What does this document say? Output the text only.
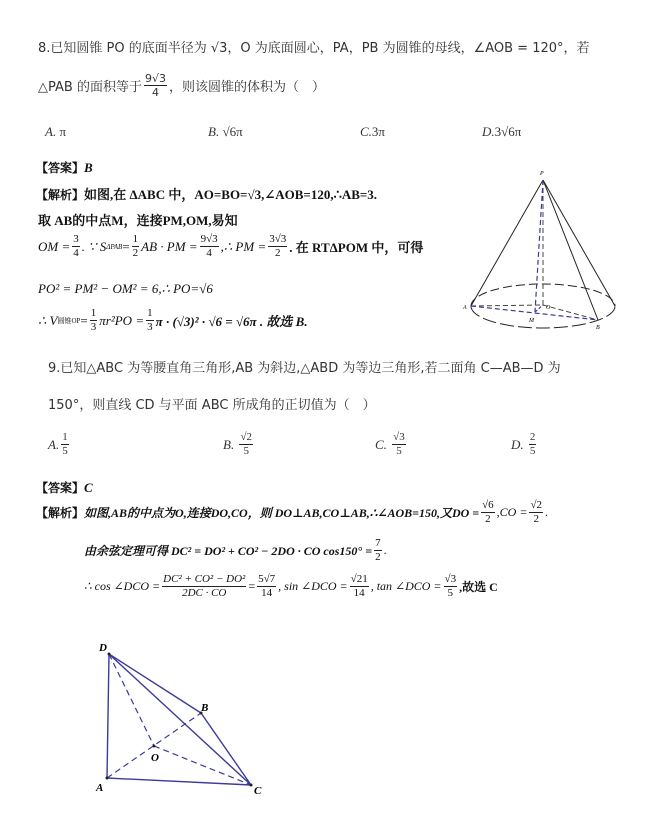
8.已知圆锥 PO 的底面半径为 √3，O 为底面圆心，PA，PB 为圆锥的母线，∠AOB = 120°，若
△PAB 的面积等于 $\frac{9√3}{4}$ ，则该圆锥的体积为（　）
A. π	B. √6π	C.3π	D.3√6π
【答案】B
【解析】如图,在 ΔABC 中，AO=BO=√3,∠AOB=120,∴AB=3.
取 AB的中点M，连接PM,OM,易知
OM = $\frac{3}{4}$ . ∵ S $\Delta PAB = \frac{1}{2}$ AB · PM = $\frac{9√3}{4}$ ,∴ PM = $\frac{3√3}{2}$ . 在 RTΔPOM 中，可得
PO² = PM² − OM² = 6,∴ PO=√6
∴ V 圆锥OP = $\frac{1}{3} \pi r^2PO = \frac{1}{3}$ π · (√3)² · √6 = √6π . 故选 B.
P
A	O
M
B
9.已知△ABC 为等腰直角三角形,AB 为斜边,△ABD 为等边三角形,若二面角 C—AB—D 为
150°，则直线 CD 与平面 ABC 所成角的正切值为（　）
A. $\frac{1}{5}$	B.
$\frac{√2}{5}$	C.
$\frac{√3}{5}$	D.
$\frac{2}{5}$
【答案】C
【解析】 如图,AB的中点为O,连接DO,CO，则 DO⊥AB,CO⊥AB,∴∠AOB=150,又DO = $\frac{√6}{2} ,CO = \frac{√2}{2}$ .
由余弦定理可得 DC² = DO² + CO² − 2DO · CO $\cos 150^\circ = \frac{7}{2}$ .
∴ cos ∠DCO = $\frac{\text{DC² + CO² − DO²}}{2DC \cdot CO} = \frac{5√7}{14}$ , sin ∠DCO = $\frac{√21}{14}$ , tan ∠DCO = $\frac{√3}{5}$ ,故选 C
D
B
O
A	C
